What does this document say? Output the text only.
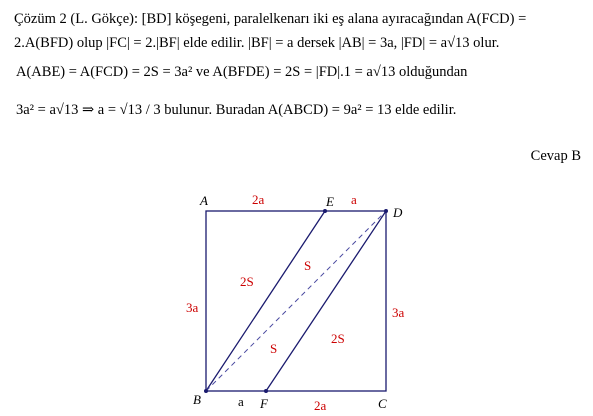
Çözüm 2 (L. Gökçe): [BD] köşegeni, paralelkenarı iki eş alana ayıracağından A(FCD) =
2.A(BFD) olup |FC| = 2.|BF| elde edilir. |BF| = a dersek |AB| = 3a, |FD| = a√13 olur.
A(ABE) = A(FCD) = 2S = 3a² ve A(BFDE) = 2S = |FD|.1 = a√13 olduğundan
3a² = a√13 ⇒ a = √13 / 3 bulunur. Buradan A(ABCD) = 9a² = 13 elde edilir.
Cevap B
A	E
D
B	F	C
2a	a
a	2a
3a	3a
2S
S
S
2S
